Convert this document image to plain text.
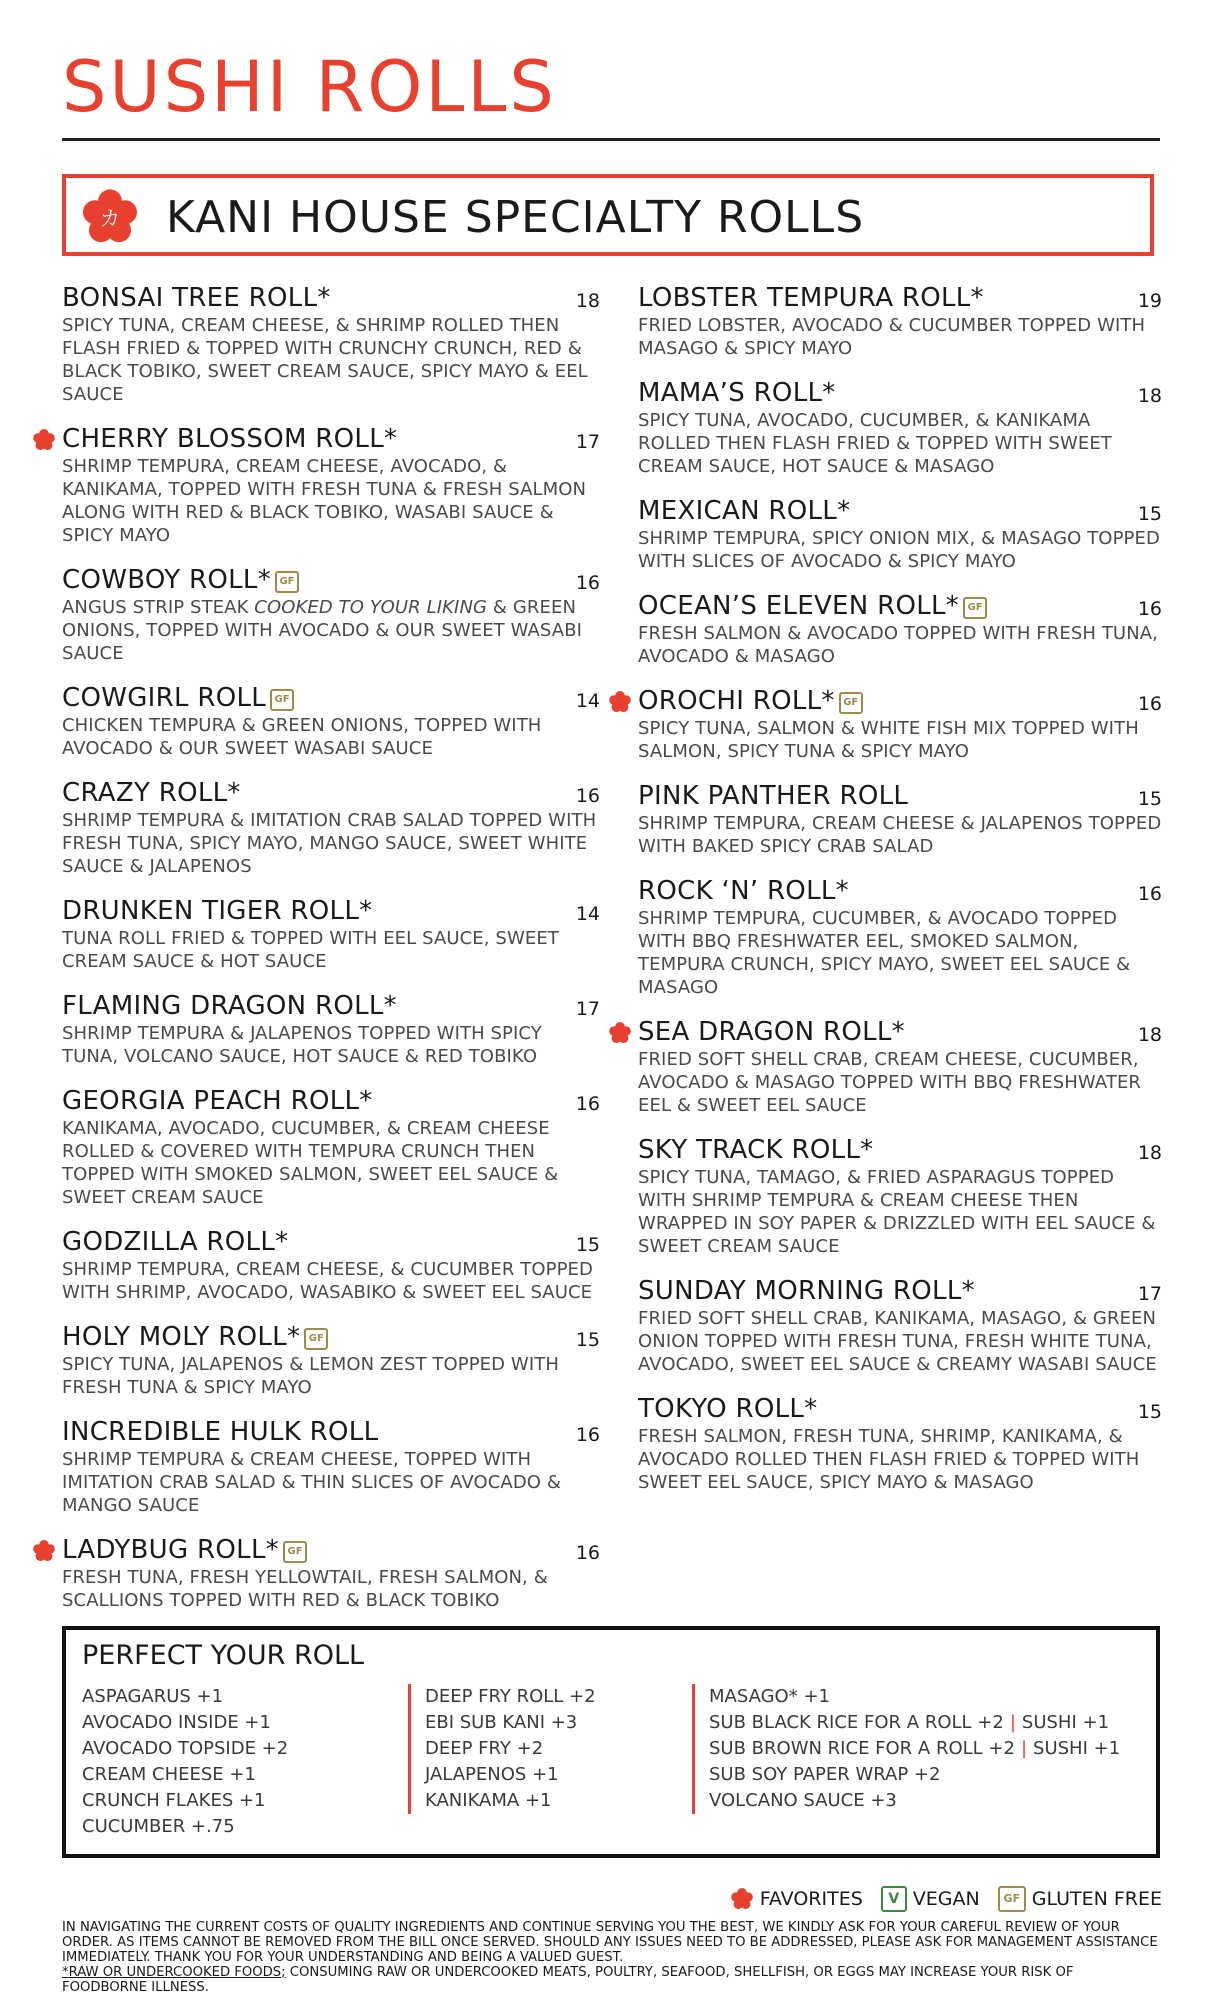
SUSHI ROLLS
カ KANI HOUSE SPECIALTY ROLLS
BONSAI TREE ROLL*	18
SPICY TUNA, CREAM CHEESE, & SHRIMP ROLLED THEN FLASH FRIED & TOPPED WITH CRUNCHY CRUNCH, RED & BLACK TOBIKO, SWEET CREAM SAUCE, SPICY MAYO & EEL SAUCE
CHERRY BLOSSOM ROLL*	17
SHRIMP TEMPURA, CREAM CHEESE, AVOCADO, & KANIKAMA, TOPPED WITH FRESH TUNA & FRESH SALMON ALONG WITH RED & BLACK TOBIKO, WASABI SAUCE & SPICY MAYO
COWBOY ROLL* GF	16
ANGUS STRIP STEAK COOKED TO YOUR LIKING & GREEN ONIONS, TOPPED WITH AVOCADO & OUR SWEET WASABI SAUCE
COWGIRL ROLL GF	14
CHICKEN TEMPURA & GREEN ONIONS, TOPPED WITH AVOCADO & OUR SWEET WASABI SAUCE
CRAZY ROLL*	16
SHRIMP TEMPURA & IMITATION CRAB SALAD TOPPED WITH FRESH TUNA, SPICY MAYO, MANGO SAUCE, SWEET WHITE SAUCE & JALAPENOS
DRUNKEN TIGER ROLL*	14
TUNA ROLL FRIED & TOPPED WITH EEL SAUCE, SWEET CREAM SAUCE & HOT SAUCE
FLAMING DRAGON ROLL*	17
SHRIMP TEMPURA & JALAPENOS TOPPED WITH SPICY TUNA, VOLCANO SAUCE, HOT SAUCE & RED TOBIKO
GEORGIA PEACH ROLL*	16
KANIKAMA, AVOCADO, CUCUMBER, & CREAM CHEESE ROLLED & COVERED WITH TEMPURA CRUNCH THEN TOPPED WITH SMOKED SALMON, SWEET EEL SAUCE & SWEET CREAM SAUCE
GODZILLA ROLL*	15
SHRIMP TEMPURA, CREAM CHEESE, & CUCUMBER TOPPED WITH SHRIMP, AVOCADO, WASABIKO & SWEET EEL SAUCE
HOLY MOLY ROLL* GF	15
SPICY TUNA, JALAPENOS & LEMON ZEST TOPPED WITH FRESH TUNA & SPICY MAYO
INCREDIBLE HULK ROLL	16
SHRIMP TEMPURA & CREAM CHEESE, TOPPED WITH IMITATION CRAB SALAD & THIN SLICES OF AVOCADO & MANGO SAUCE
LADYBUG ROLL* GF	16
FRESH TUNA, FRESH YELLOWTAIL, FRESH SALMON, & SCALLIONS TOPPED WITH RED & BLACK TOBIKO
LOBSTER TEMPURA ROLL*	19
FRIED LOBSTER, AVOCADO & CUCUMBER TOPPED WITH MASAGO & SPICY MAYO
MAMA’S ROLL*	18
SPICY TUNA, AVOCADO, CUCUMBER, & KANIKAMA ROLLED THEN FLASH FRIED & TOPPED WITH SWEET CREAM SAUCE, HOT SAUCE & MASAGO
MEXICAN ROLL*	15
SHRIMP TEMPURA, SPICY ONION MIX, & MASAGO TOPPED WITH SLICES OF AVOCADO & SPICY MAYO
OCEAN’S ELEVEN ROLL* GF	16
FRESH SALMON & AVOCADO TOPPED WITH FRESH TUNA, AVOCADO & MASAGO
OROCHI ROLL* GF	16
SPICY TUNA, SALMON & WHITE FISH MIX TOPPED WITH SALMON, SPICY TUNA & SPICY MAYO
PINK PANTHER ROLL	15
SHRIMP TEMPURA, CREAM CHEESE & JALAPENOS TOPPED WITH BAKED SPICY CRAB SALAD
ROCK ‘N’ ROLL*	16
SHRIMP TEMPURA, CUCUMBER, & AVOCADO TOPPED WITH BBQ FRESHWATER EEL, SMOKED SALMON, TEMPURA CRUNCH, SPICY MAYO, SWEET EEL SAUCE & MASAGO
SEA DRAGON ROLL*	18
FRIED SOFT SHELL CRAB, CREAM CHEESE, CUCUMBER, AVOCADO & MASAGO TOPPED WITH BBQ FRESHWATER EEL & SWEET EEL SAUCE
SKY TRACK ROLL*	18
SPICY TUNA, TAMAGO, & FRIED ASPARAGUS TOPPED WITH SHRIMP TEMPURA & CREAM CHEESE THEN WRAPPED IN SOY PAPER & DRIZZLED WITH EEL SAUCE & SWEET CREAM SAUCE
SUNDAY MORNING ROLL*	17
FRIED SOFT SHELL CRAB, KANIKAMA, MASAGO, & GREEN ONION TOPPED WITH FRESH TUNA, FRESH WHITE TUNA, AVOCADO, SWEET EEL SAUCE & CREAMY WASABI SAUCE
TOKYO ROLL*	15
FRESH SALMON, FRESH TUNA, SHRIMP, KANIKAMA, & AVOCADO ROLLED THEN FLASH FRIED & TOPPED WITH SWEET EEL SAUCE, SPICY MAYO & MASAGO
PERFECT YOUR ROLL
ASPAGARUS +1
AVOCADO INSIDE +1
AVOCADO TOPSIDE +2
CREAM CHEESE +1
CRUNCH FLAKES +1
CUCUMBER +.75
DEEP FRY ROLL +2
EBI SUB KANI +3
DEEP FRY +2
JALAPENOS +1
KANIKAMA +1
MASAGO* +1
SUB BLACK RICE FOR A ROLL +2 | SUSHI +1
SUB BROWN RICE FOR A ROLL +2 | SUSHI +1
SUB SOY PAPER WRAP +2
VOLCANO SAUCE +3
FAVORITES	V VEGAN	GF GLUTEN FREE
IN NAVIGATING THE CURRENT COSTS OF QUALITY INGREDIENTS AND CONTINUE SERVING YOU THE BEST, WE KINDLY ASK FOR YOUR CAREFUL REVIEW OF YOUR ORDER. AS ITEMS CANNOT BE REMOVED FROM THE BILL ONCE SERVED. SHOULD ANY ISSUES NEED TO BE ADDRESSED, PLEASE ASK FOR MANAGEMENT ASSISTANCE IMMEDIATELY. THANK YOU FOR YOUR UNDERSTANDING AND BEING A VALUED GUEST.
*RAW OR UNDERCOOKED FOODS; CONSUMING RAW OR UNDERCOOKED MEATS, POULTRY, SEAFOOD, SHELLFISH, OR EGGS MAY INCREASE YOUR RISK OF FOODBORNE ILLNESS.
